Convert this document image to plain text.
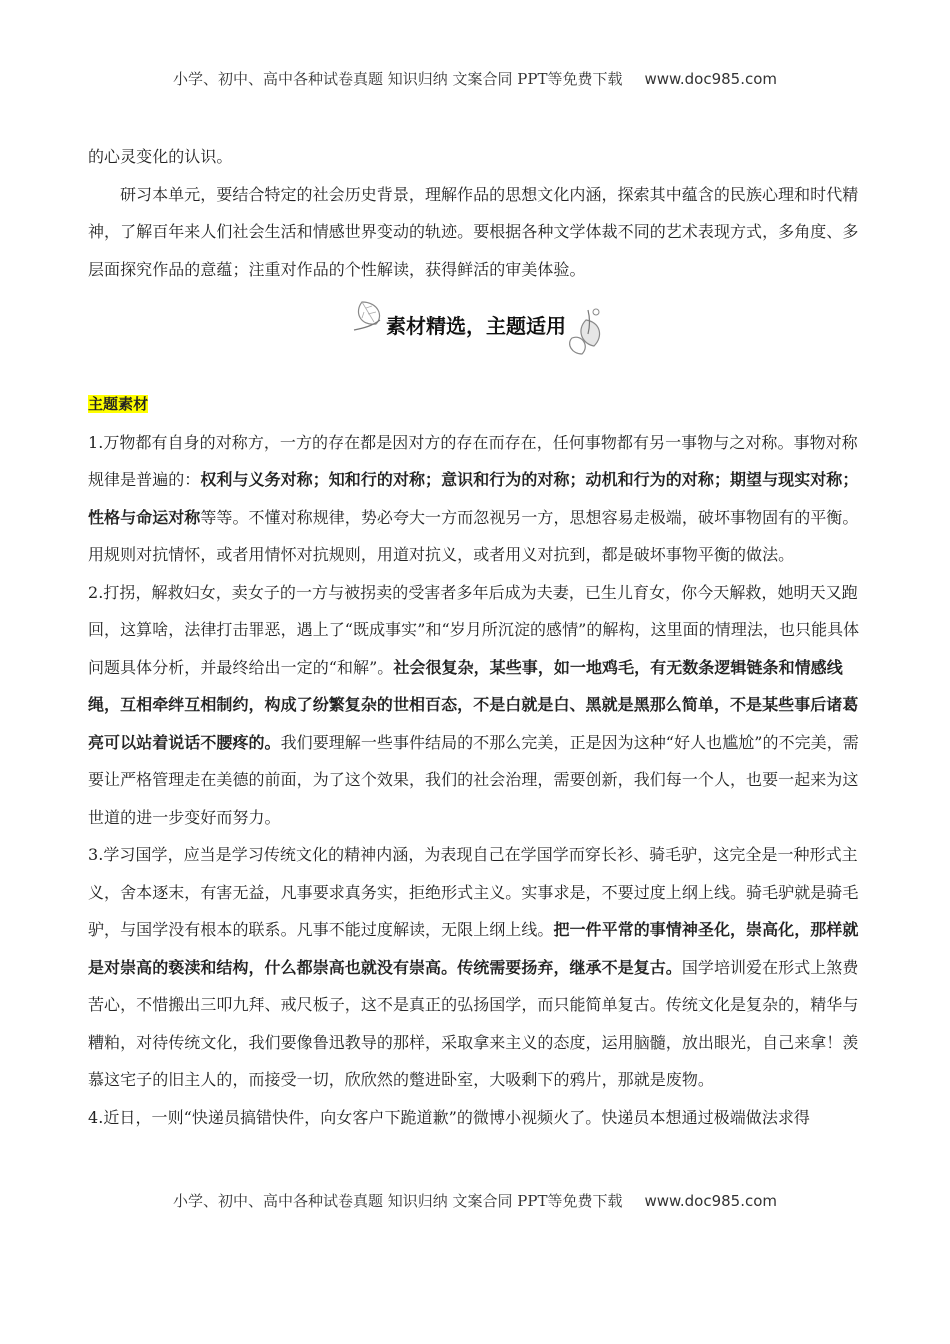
小学、初中、高中各种试卷真题 知识归纳 文案合同 PPT等免费下载 www.doc985.com

的心灵变化的认识。

研习本单元，要结合特定的社会历史背景，理解作品的思想文化内涵，探索其中蕴含的民族心理和时代精神，了解百年来人们社会生活和情感世界变动的轨迹。要根据各种文学体裁不同的艺术表现方式，多角度、多层面探究作品的意蕴；注重对作品的个性解读，获得鲜活的审美体验。

素材精选，主题适用

主题素材

1.万物都有自身的对称方，一方的存在都是因对方的存在而存在，任何事物都有另一事物与之对称。事物对称规律是普遍的：权利与义务对称；知和行的对称；意识和行为的对称；动机和行为的对称；期望与现实对称；性格与命运对称等等。不懂对称规律，势必夸大一方而忽视另一方，思想容易走极端，破坏事物固有的平衡。用规则对抗情怀，或者用情怀对抗规则，用道对抗义，或者用义对抗到，都是破坏事物平衡的做法。

2.打拐，解救妇女，卖女子的一方与被拐卖的受害者多年后成为夫妻，已生儿育女，你今天解救，她明天又跑回，这算啥，法律打击罪恶，遇上了“既成事实”和“岁月所沉淀的感情”的解构，这里面的情理法，也只能具体问题具体分析，并最终给出一定的“和解”。社会很复杂，某些事，如一地鸡毛，有无数条逻辑链条和情感线绳，互相牵绊互相制约，构成了纷繁复杂的世相百态，不是白就是白、黑就是黑那么简单，不是某些事后诸葛亮可以站着说话不腰疼的。我们要理解一些事件结局的不那么完美，正是因为这种“好人也尴尬”的不完美，需要让严格管理走在美德的前面，为了这个效果，我们的社会治理，需要创新，我们每一个人，也要一起来为这世道的进一步变好而努力。

3.学习国学，应当是学习传统文化的精神内涵，为表现自己在学国学而穿长衫、骑毛驴，这完全是一种形式主义，舍本逐末，有害无益，凡事要求真务实，拒绝形式主义。实事求是，不要过度上纲上线。骑毛驴就是骑毛驴，与国学没有根本的联系。凡事不能过度解读，无限上纲上线。把一件平常的事情神圣化，崇高化，那样就是对崇高的亵渎和结构，什么都崇高也就没有崇高。传统需要扬弃，继承不是复古。国学培训爱在形式上煞费苦心，不惜搬出三叩九拜、戒尺板子，这不是真正的弘扬国学，而只能简单复古。传统文化是复杂的，精华与糟粕，对待传统文化，我们要像鲁迅教导的那样，采取拿来主义的态度，运用脑髓，放出眼光，自己来拿！羡慕这宅子的旧主人的，而接受一切，欣欣然的蹩进卧室，大吸剩下的鸦片，那就是废物。

4.近日，一则“快递员搞错快件，向女客户下跪道歉”的微博小视频火了。快递员本想通过极端做法求得

小学、初中、高中各种试卷真题 知识归纳 文案合同 PPT等免费下载 www.doc985.com
